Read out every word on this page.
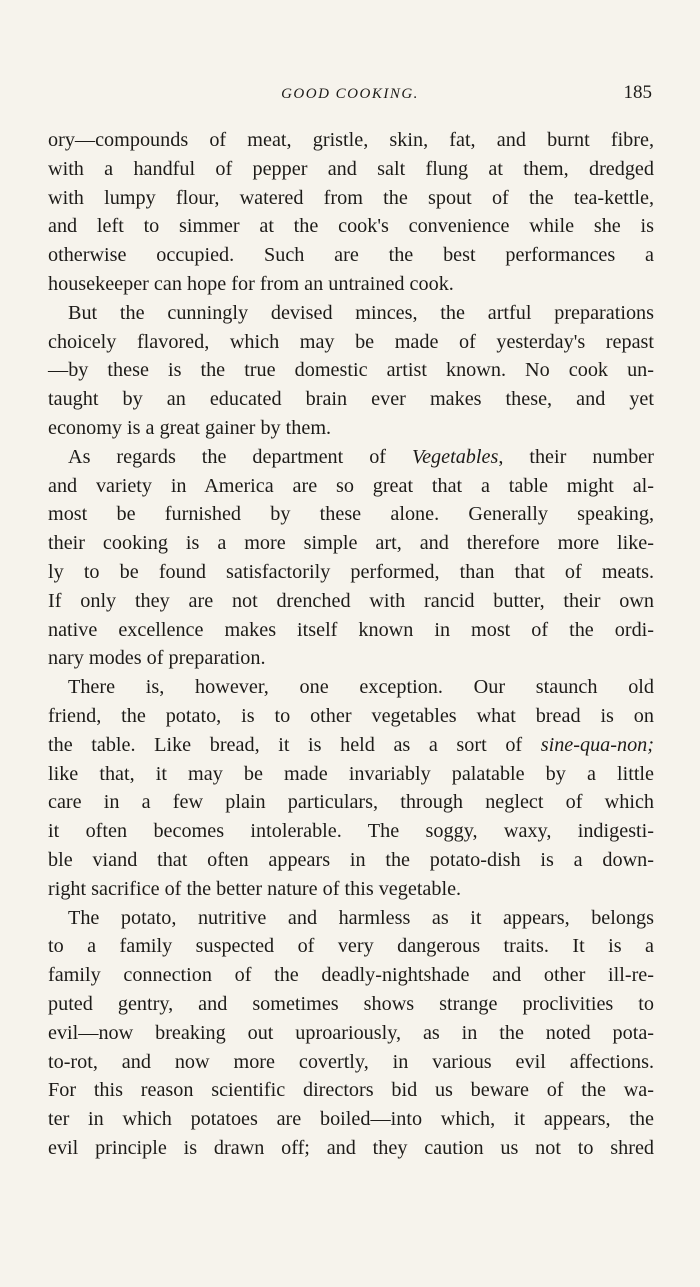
GOOD COOKING.	185
ory—compounds of meat, gristle, skin, fat, and burnt fibre,
with a handful of pepper and salt flung at them, dredged
with lumpy flour, watered from the spout of the tea-kettle,
and left to simmer at the cook's convenience while she is
otherwise occupied. Such are the best performances a
housekeeper can hope for from an untrained cook.
But the cunningly devised minces, the artful preparations
choicely flavored, which may be made of yesterday's repast
—by these is the true domestic artist known. No cook un-
taught by an educated brain ever makes these, and yet
economy is a great gainer by them.
As regards the department of Vegetables, their number
and variety in America are so great that a table might al-
most be furnished by these alone. Generally speaking,
their cooking is a more simple art, and therefore more like-
ly to be found satisfactorily performed, than that of meats.
If only they are not drenched with rancid butter, their own
native excellence makes itself known in most of the ordi-
nary modes of preparation.
There is, however, one exception. Our staunch old
friend, the potato, is to other vegetables what bread is on
the table. Like bread, it is held as a sort of sine-qua-non;
like that, it may be made invariably palatable by a little
care in a few plain particulars, through neglect of which
it often becomes intolerable. The soggy, waxy, indigesti-
ble viand that often appears in the potato-dish is a down-
right sacrifice of the better nature of this vegetable.
The potato, nutritive and harmless as it appears, belongs
to a family suspected of very dangerous traits. It is a
family connection of the deadly-nightshade and other ill-re-
puted gentry, and sometimes shows strange proclivities to
evil—now breaking out uproariously, as in the noted pota-
to-rot, and now more covertly, in various evil affections.
For this reason scientific directors bid us beware of the wa-
ter in which potatoes are boiled—into which, it appears, the
evil principle is drawn off; and they caution us not to shred
